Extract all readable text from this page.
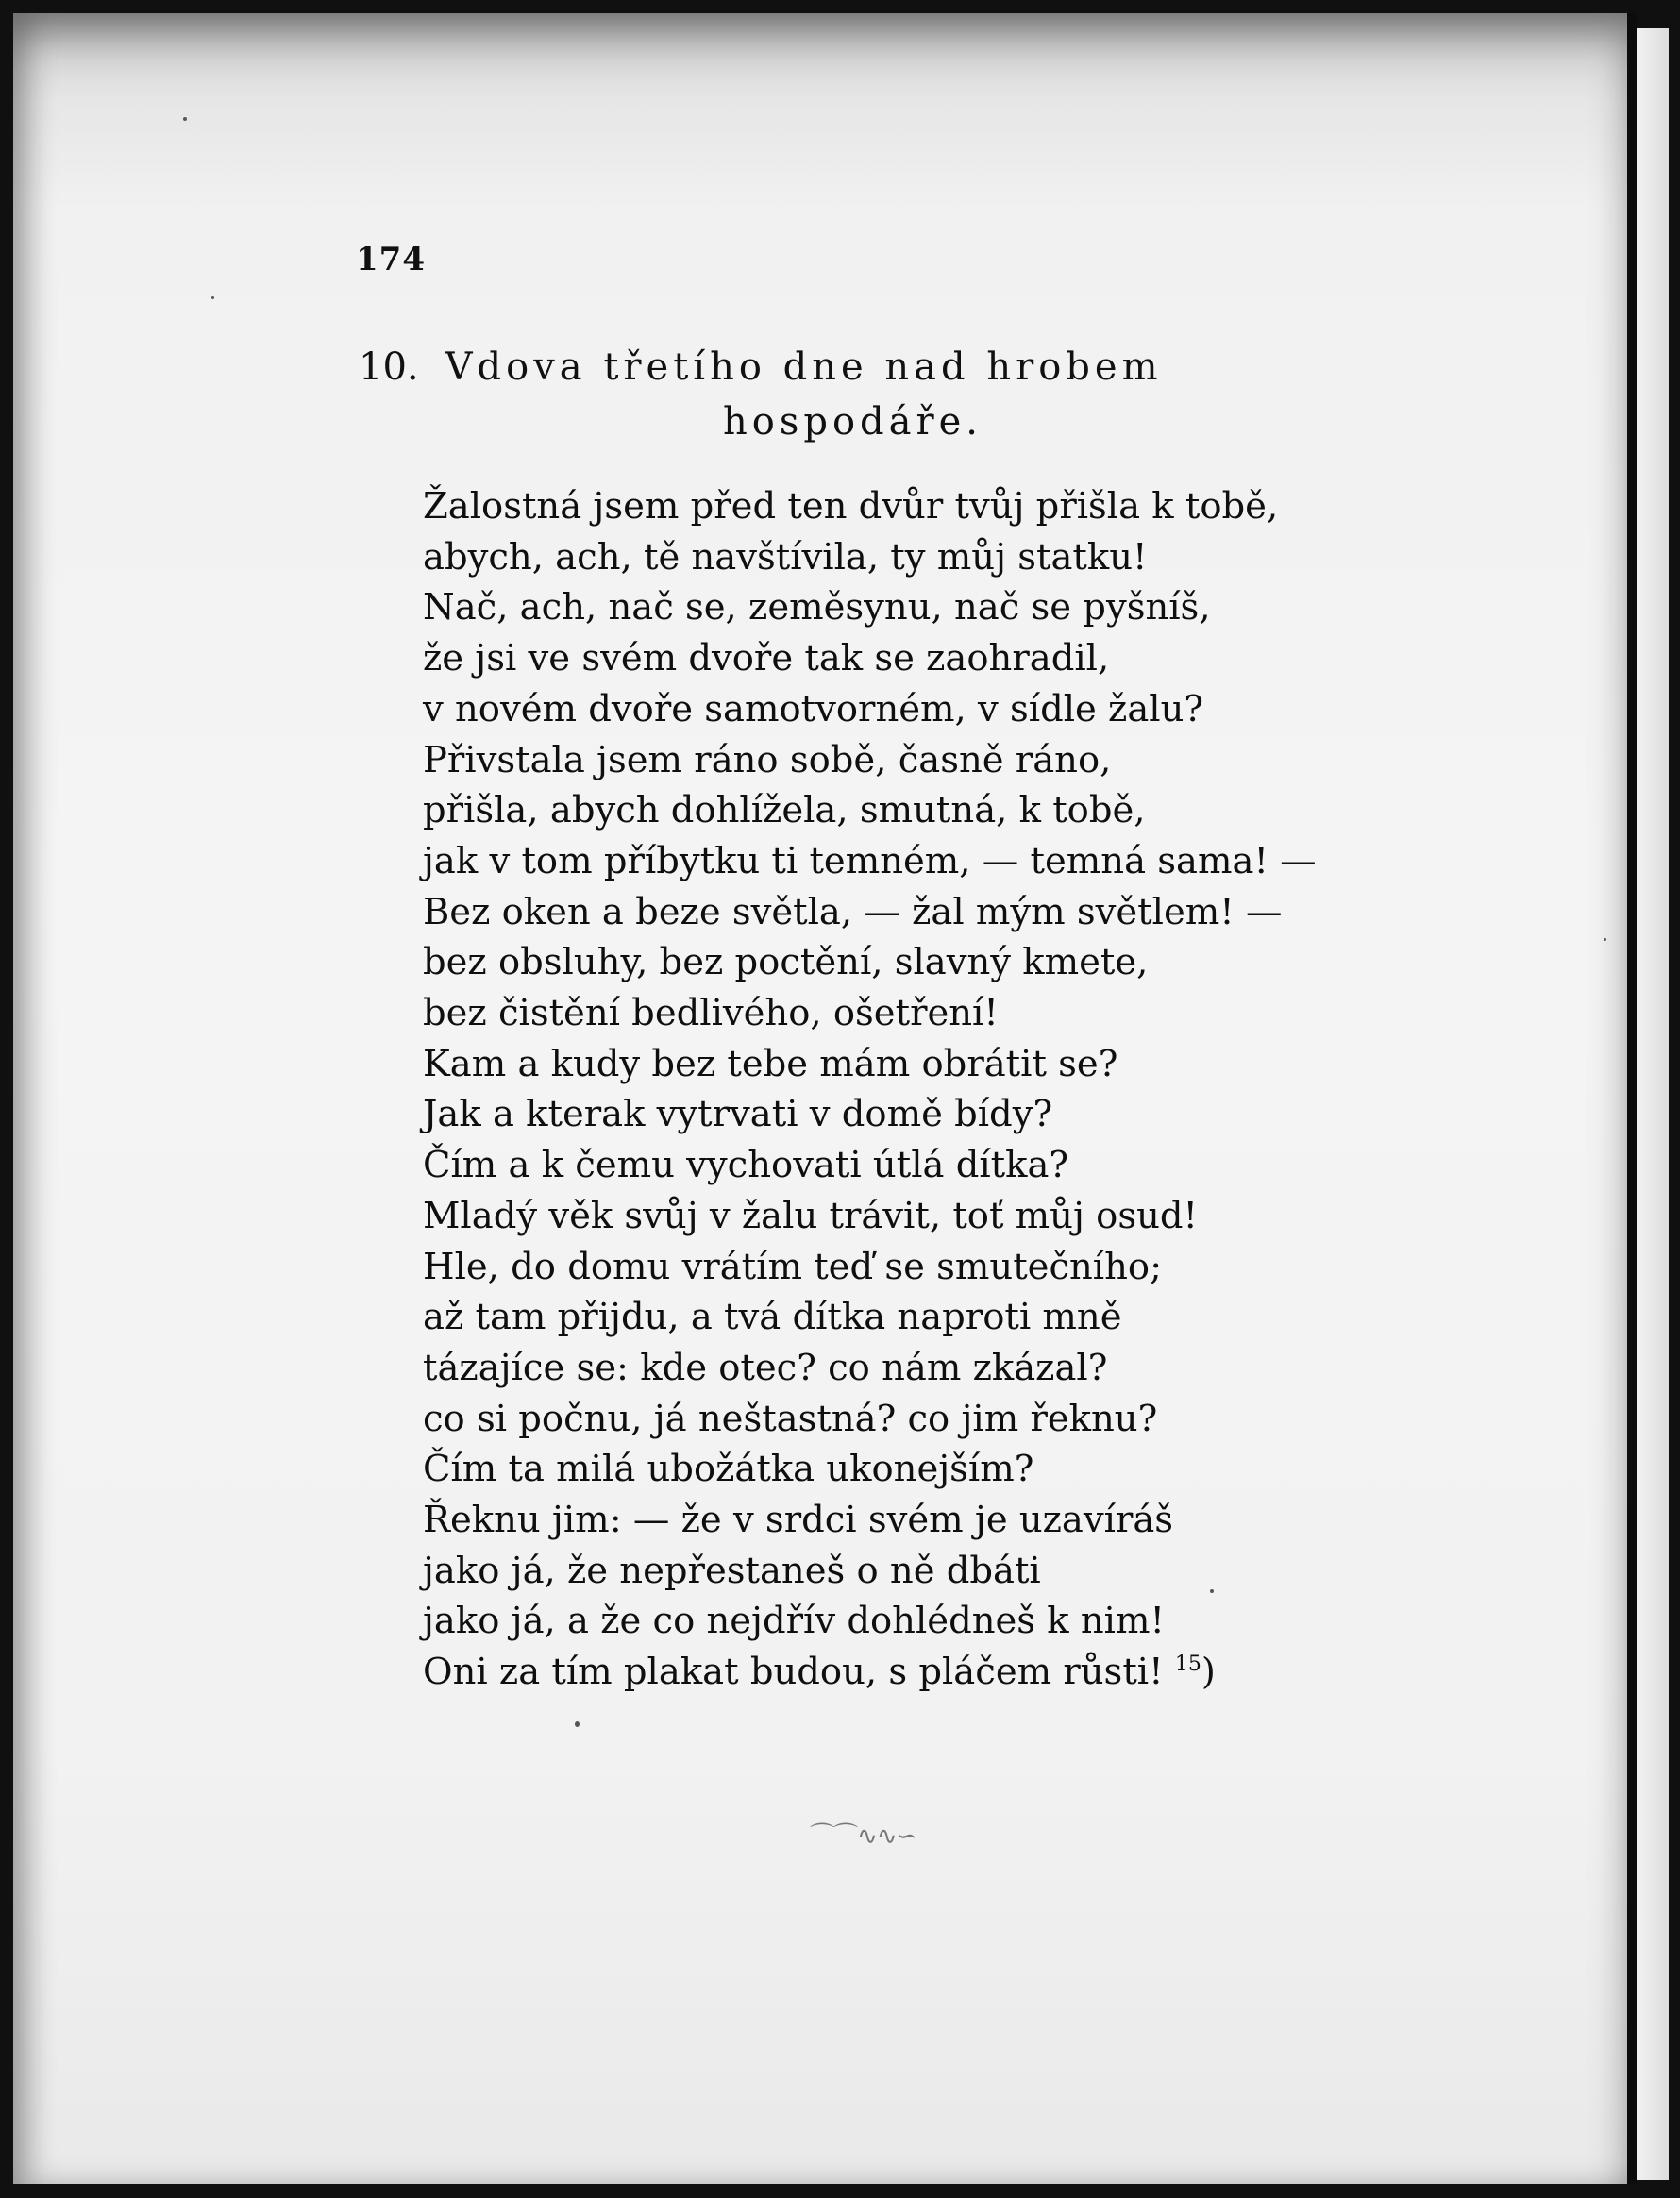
174
10. Vdova třetího dne nad hrobem
hospodáře.
Žalostná jsem před ten dvůr tvůj přišla k tobě,
abych, ach, tě navštívila, ty můj statku!
Nač, ach, nač se, zeměsynu, nač se pyšníš,
že jsi ve svém dvoře tak se zaohradil,
v novém dvoře samotvorném, v sídle žalu?
Přivstala jsem ráno sobě, časně ráno,
přišla, abych dohlížela, smutná, k tobě,
jak v tom příbytku ti temném, — temná sama! —
Bez oken a beze světla, — žal mým světlem! —
bez obsluhy, bez poctění, slavný kmete,
bez čistění bedlivého, ošetření!
Kam a kudy bez tebe mám obrátit se?
Jak a kterak vytrvati v domě bídy?
Čím a k čemu vychovati útlá dítka?
Mladý věk svůj v žalu trávit, toť můj osud!
Hle, do domu vrátím teď se smutečního;
až tam přijdu, a tvá dítka naproti mně
tázajíce se: kde otec? co nám zkázal?
co si počnu, já neštastná? co jim řeknu?
Čím ta milá ubožátka ukonejším?
Řeknu jim: — že v srdci svém je uzavíráš
jako já, že nepřestaneš o ně dbáti
jako já, a že co nejdřív dohlédneš k nim!
Oni za tím plakat budou, s pláčem růsti! $^{15}$)
⌒⌒∿∿∽
